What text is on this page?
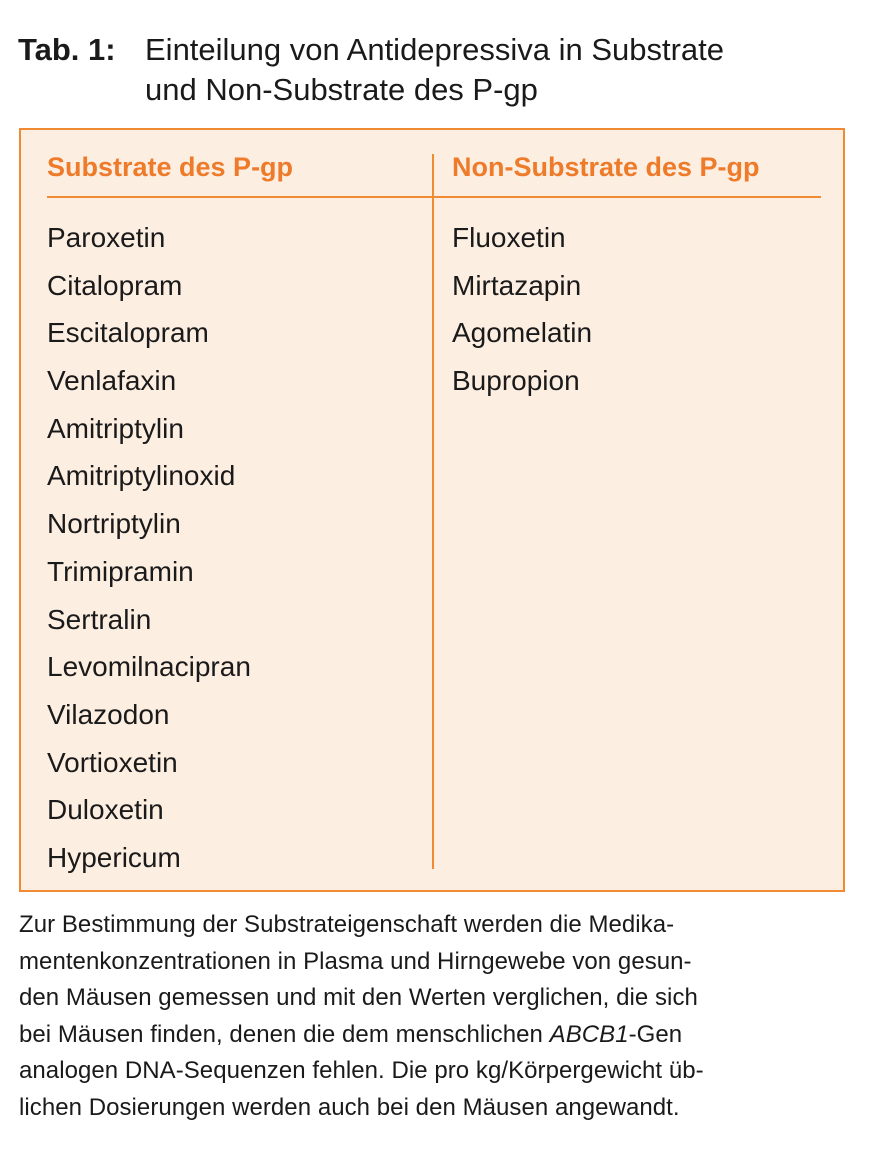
Tab. 1: Einteilung von Antidepressiva in Substrate
und Non-Substrate des P-gp
Substrate des P-gp	Non-Substrate des P-gp
Paroxetin
Citalopram
Escitalopram
Venlafaxin
Amitriptylin
Amitriptylinoxid
Nortriptylin
Trimipramin
Sertralin
Levomilnacipran
Vilazodon
Vortioxetin
Duloxetin
Hypericum
Fluoxetin
Mirtazapin
Agomelatin
Bupropion
Zur Bestimmung der Substrateigenschaft werden die Medika-
mentenkonzentrationen in Plasma und Hirngewebe von gesun-
den Mäusen gemessen und mit den Werten verglichen, die sich
bei Mäusen finden, denen die dem menschlichen ABCB1-Gen
analogen DNA-Sequenzen fehlen. Die pro kg/Körpergewicht üb-
lichen Dosierungen werden auch bei den Mäusen angewandt.
